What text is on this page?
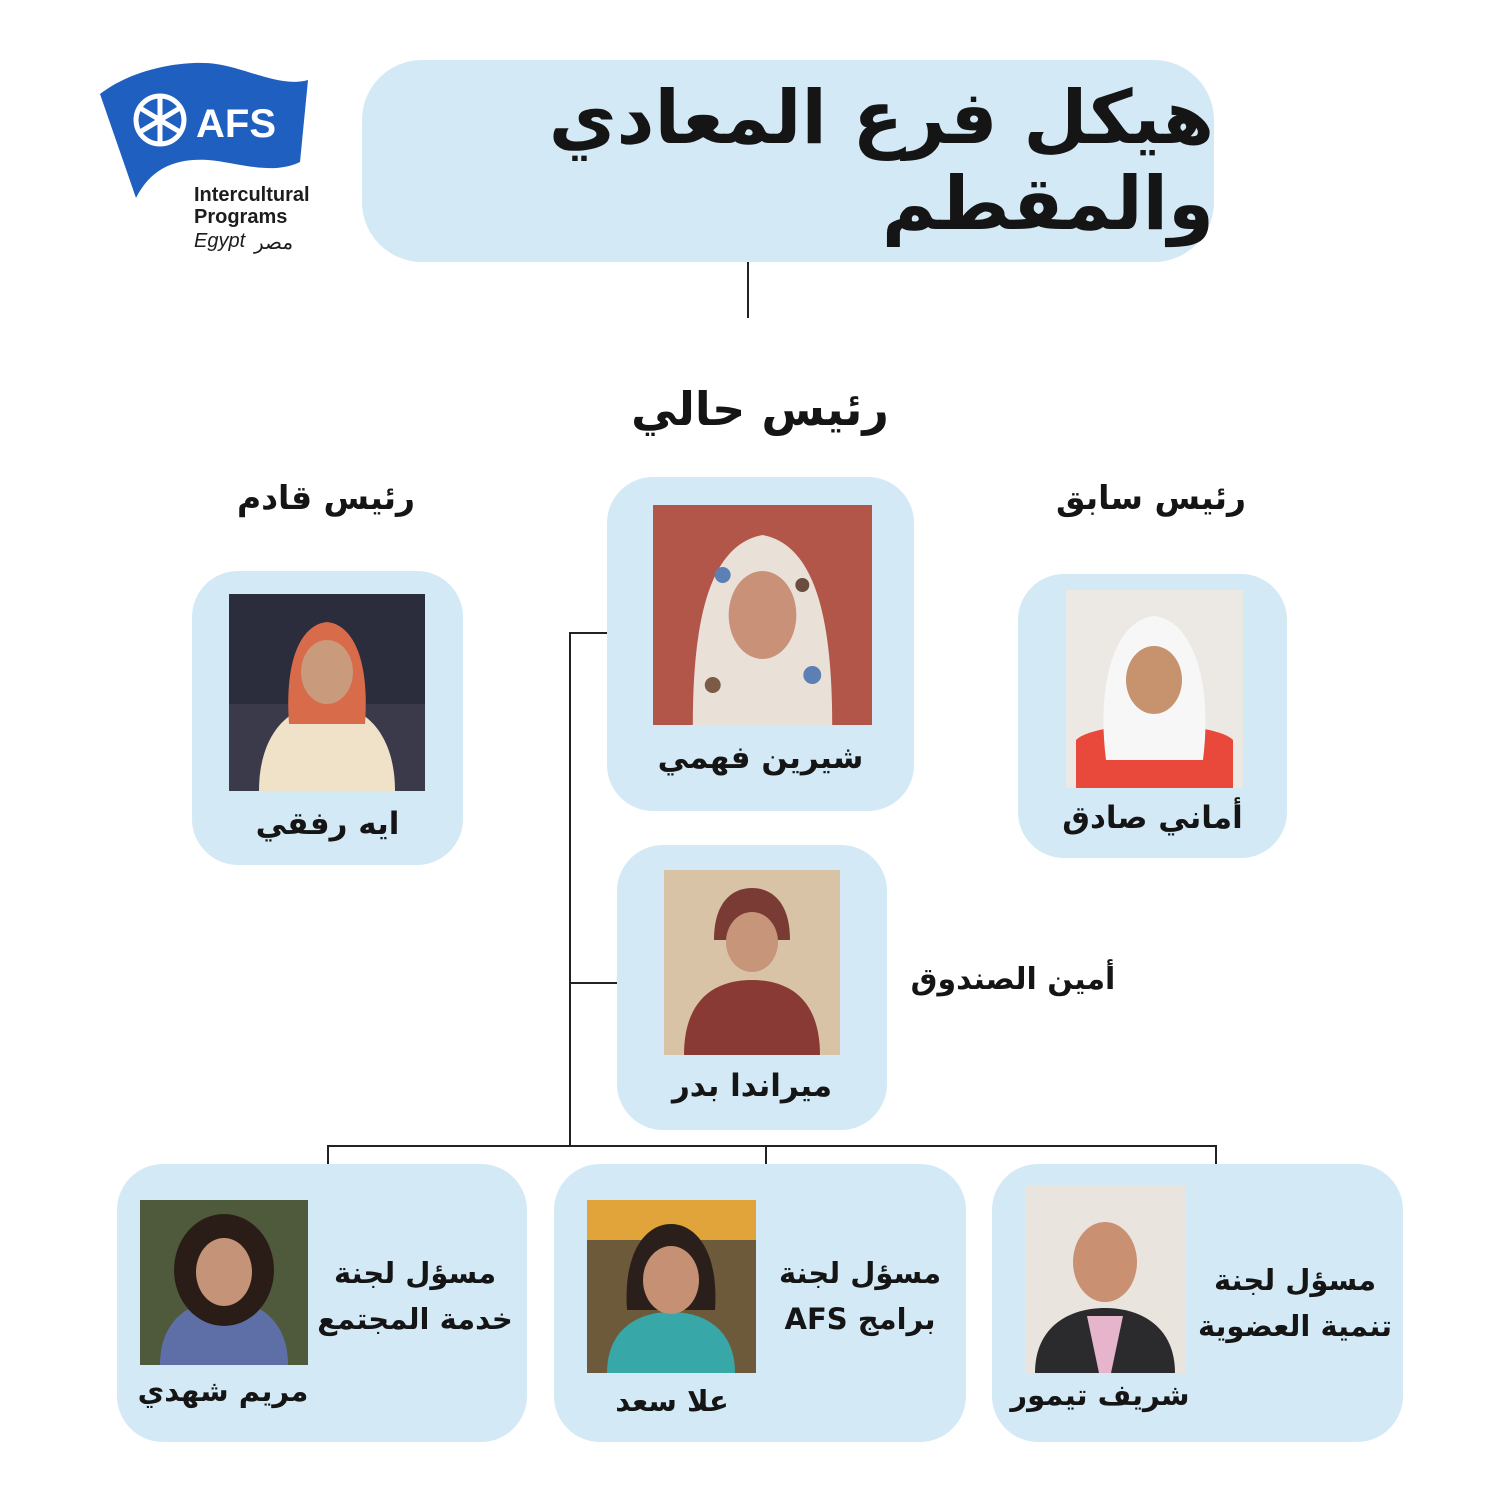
AFS
Intercultural
Programs
Egypt مصر
هيكل فرع المعادي والمقطم
رئيس حالي
رئيس قادم	رئيس سابق
أمين الصندوق
شيرين فهمي
ايه رفقي	أماني صادق
ميراندا بدر
مسؤل لجنة
خدمة المجتمع
مريم شهدي
مسؤل لجنة
برامج AFS
علا سعد
مسؤل لجنة
تنمية العضوية
شريف تيمور
